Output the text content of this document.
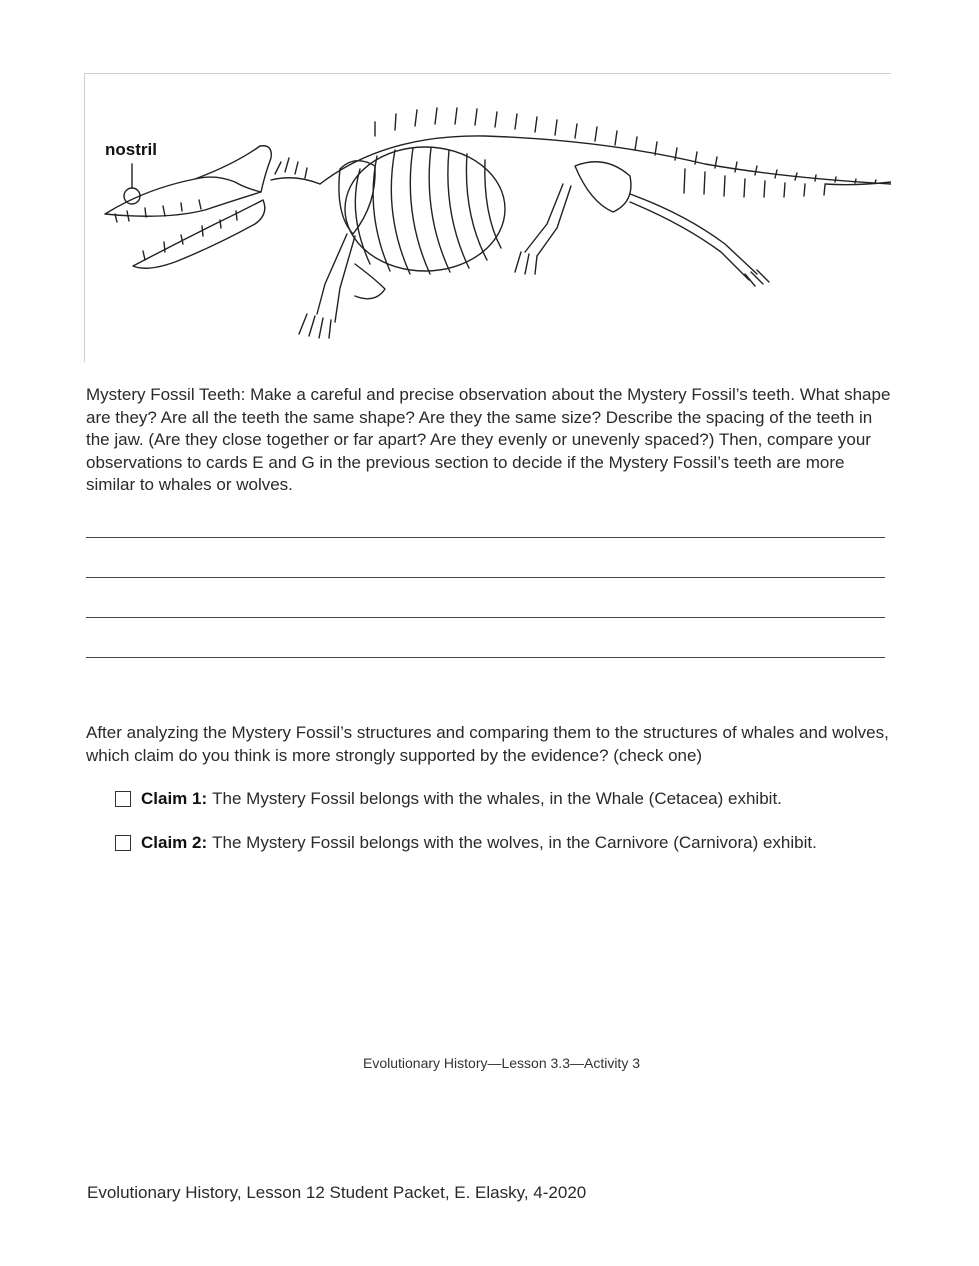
nostril
Mystery Fossil Teeth: Make a careful and precise observation about the Mystery Fossil’s teeth. What shape are they? Are all the teeth the same shape? Are they the same size? Describe the spacing of the teeth in the jaw. (Are they close together or far apart? Are they evenly or unevenly spaced?) Then, compare your observations to cards E and G in the previous section to decide if the Mystery Fossil’s teeth are more similar to whales or wolves.
After analyzing the Mystery Fossil’s structures and comparing them to the structures of whales and wolves, which claim do you think is more strongly supported by the evidence? (check one)
Claim 1: The Mystery Fossil belongs with the whales, in the Whale (Cetacea) exhibit.
Claim 2: The Mystery Fossil belongs with the wolves, in the Carnivore (Carnivora) exhibit.
Evolutionary History—Lesson 3.3—Activity 3
Evolutionary History, Lesson 12 Student Packet, E. Elasky, 4-2020
